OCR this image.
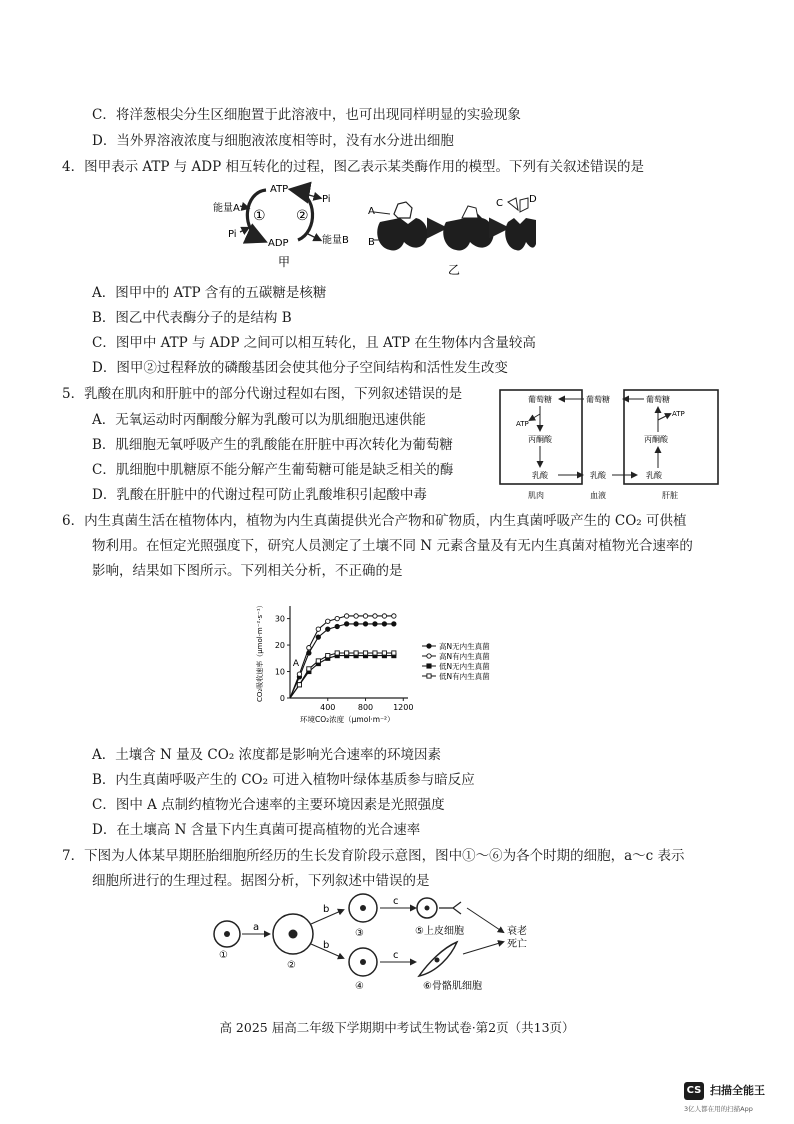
C．将洋葱根尖分生区细胞置于此溶液中，也可出现同样明显的实验现象
D．当外界溶液浓度与细胞液浓度相等时，没有水分进出细胞
4．图甲表示 ATP 与 ADP 相互转化的过程，图乙表示某类酶作用的模型。下列有关叙述错误的是
ATP
ADP
Pi
Pi
能量A
能量B
① ②
甲
A
B
C	D
乙
A．图甲中的 ATP 含有的五碳糖是核糖
B．图乙中代表酶分子的是结构 B
C．图甲中 ATP 与 ADP 之间可以相互转化，且 ATP 在生物体内含量较高
D．图甲②过程释放的磷酸基团会使其他分子空间结构和活性发生改变
5．乳酸在肌肉和肝脏中的部分代谢过程如右图，下列叙述错误的是
A．无氧运动时丙酮酸分解为乳酸可以为肌细胞迅速供能
B．肌细胞无氧呼吸产生的乳酸能在肝脏中再次转化为葡萄糖
C．肌细胞中肌糖原不能分解产生葡萄糖可能是缺乏相关的酶
D．乳酸在肝脏中的代谢过程可防止乳酸堆积引起酸中毒
葡萄糖	葡萄糖	葡萄糖
ATP
丙酮酸
乳酸	乳酸	乳酸
丙酮酸
ATP
肌肉	血液	肝脏
6．内生真菌生活在植物体内，植物为内生真菌提供光合产物和矿物质，内生真菌呼吸产生的 CO₂ 可供植
物利用。在恒定光照强度下，研究人员测定了土壤不同 N 元素含量及有无内生真菌对植物光合速率的
影响，结果如下图所示。下列相关分析，不正确的是
0
10
20
30
400	800 1200
CO₂吸收速率（μmol·m⁻²·s⁻¹）
环境CO₂浓度（μmol·m⁻²）
A
高N无内生真菌
高N有内生真菌
低N无内生真菌
低N有内生真菌
A．土壤含 N 量及 CO₂ 浓度都是影响光合速率的环境因素
B．内生真菌呼吸产生的 CO₂ 可进入植物叶绿体基质参与暗反应
C．图中 A 点制约植物光合速率的主要环境因素是光照强度
D．在土壤高 N 含量下内生真菌可提高植物的光合速率
7．下图为人体某早期胚胎细胞所经历的生长发育阶段示意图，图中①～⑥为各个时期的细胞，a～c 表示
细胞所进行的生理过程。据图分析，下列叙述中错误的是
①
a
②
b
b
③
④
c
c
⑤上皮细胞
⑥骨骼肌细胞
衰老
死亡
高 2025 届高二年级下学期期中考试生物试卷·第2页（共13页）
CS 扫描全能王
3亿人都在用的扫描App
